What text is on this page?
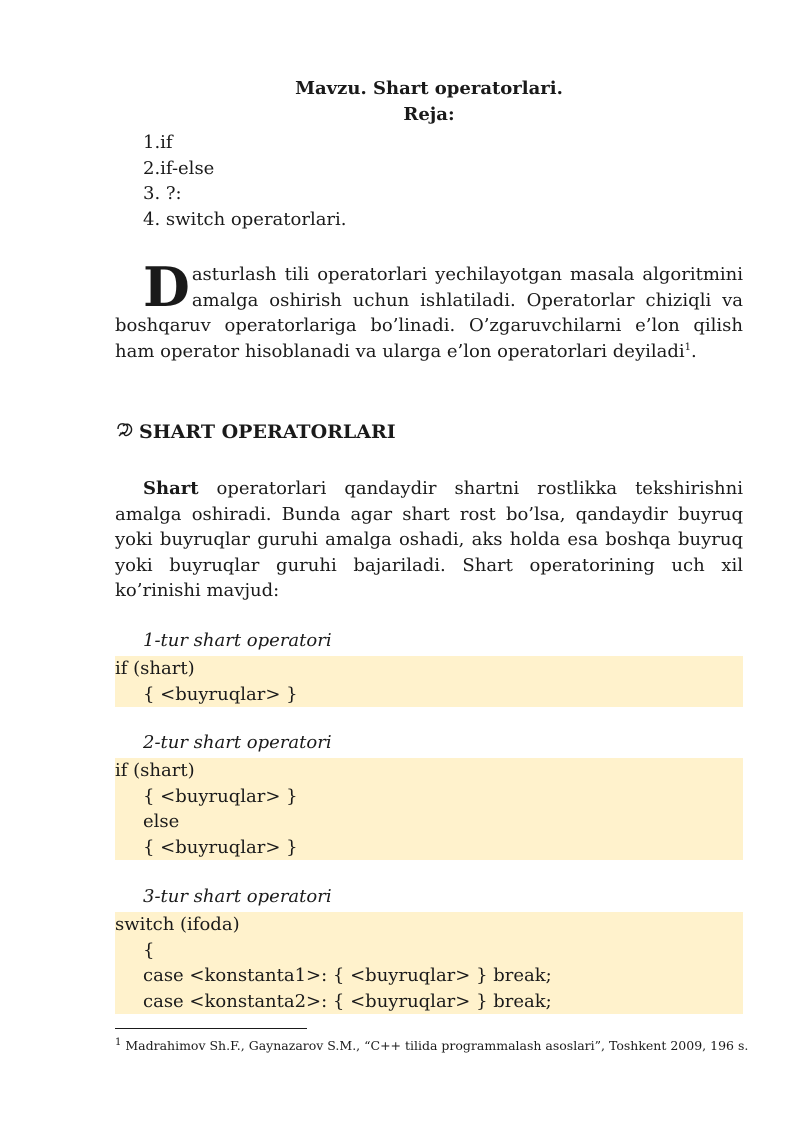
Mavzu. Shart operatorlari.
Reja:
1.if
2.if-else
3. ?:
4. switch operatorlari.
Dasturlash tili operatorlari yechilayotgan masala algoritmini amalga oshirish uchun ishlatiladi. Operatorlar chiziqli va boshqaruv operatorlariga bo’linadi. O’zgaruvchilarni e’lon qilish ham operator hisoblanadi va ularga e’lon operatorlari deyiladi$^1$.
SHART OPERATORLARI
Shart operatorlari qandaydir shartni rostlikka tekshirishni amalga oshiradi. Bunda agar shart rost bo’lsa, qandaydir buyruq yoki buyruqlar guruhi amalga oshadi, aks holda esa boshqa buyruq yoki buyruqlar guruhi bajariladi. Shart operatorining uch xil ko’rinishi mavjud:
1-tur shart operatori
if (shart)
{ <buyruqlar> }
2-tur shart operatori
if (shart)
{ <buyruqlar> }
else
{ <buyruqlar> }
3-tur shart operatori
switch (ifoda)
{
case <konstanta1>: { <buyruqlar> } break;
case <konstanta2>: { <buyruqlar> } break;
$^1$ Madrahimov Sh.F., Gaynazarov S.M., “C++ tilida programmalash asoslari”, Toshkent 2009, 196 s.
